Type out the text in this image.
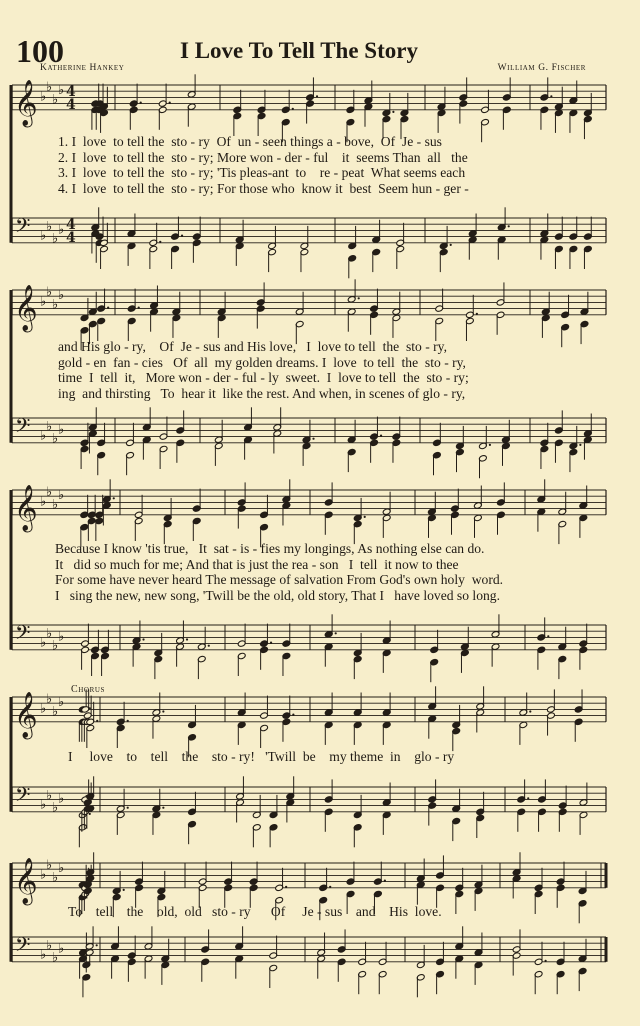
100	I Love To Tell The Story
Katherine Hankey	William G. Fischer
Chorus
𝄞 ♭
♭
♭
♭ 4
4
𝄢 ♭
♭
♭
♭ 4
4
𝄞 ♭
♭
♭
♭
𝄢 ♭
♭
♭
♭
𝄞 ♭
♭
♭
♭
𝄢 ♭
♭
♭
♭
𝄞 ♭
♭
♭
♭
𝄢 ♭
♭
♭
♭
𝄞 ♭
♭
♭
♭
𝄢 ♭
♭
♭
♭
1. I  love  to tell the  sto - ry  Of  un - seen things a - bove,  Of  Je - sus
2. I  love  to tell the  sto - ry; More won - der - ful    it  seems Than  all   the
3. I  love  to tell the  sto - ry; 'Tis pleas-ant  to    re - peat  What seems each
4. I  love  to tell the  sto - ry; For those who  know it  best  Seem hun - ger -
and His glo - ry,    Of  Je - sus and His love,   I  love to tell  the  sto - ry,
gold - en  fan - cies   Of  all  my golden dreams. I  love  to tell  the  sto - ry,
time  I  tell  it,   More won - der - ful - ly  sweet.  I  love to tell  the  sto - ry;
ing  and thirsting   To  hear it  like the rest. And when, in scenes of glo - ry,
Because I know 'tis true,   It  sat - is - fies my longings, As nothing else can do.
It   did so much for me; And that is just the rea - son   I  tell  it now to thee
For some have never heard The message of salvation From God's own holy  word.
I   sing the new, new song, 'Twill be the old, old story, That I   have loved so long.
I     love    to    tell    the    sto - ry!   'Twill  be    my theme  in    glo - ry
To    tell    the    old,  old   sto - ry      Of     Je - sus    and    His  love.
